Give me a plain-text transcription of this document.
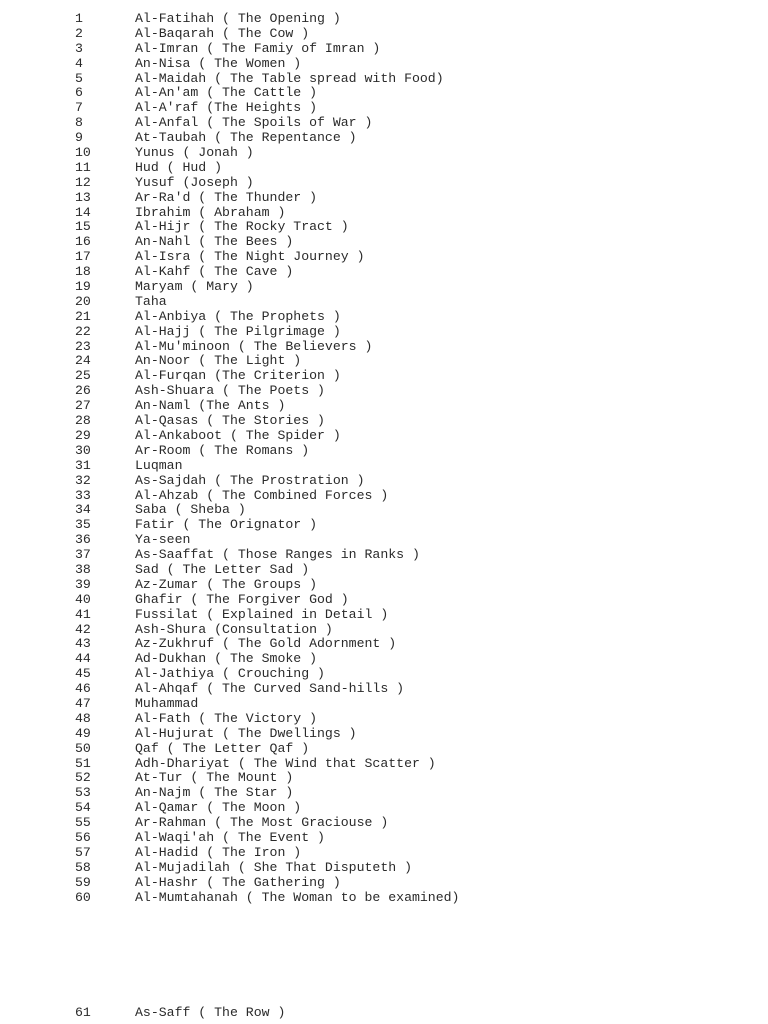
1	Al-Fatihah ( The Opening )
2	Al-Baqarah ( The Cow )
3	Al-Imran ( The Famiy of Imran )
4	An-Nisa ( The Women )
5	Al-Maidah ( The Table spread with Food)
6	Al-An'am ( The Cattle )
7	Al-A'raf (The Heights )
8	Al-Anfal ( The Spoils of War )
9	At-Taubah ( The Repentance )
10	Yunus ( Jonah )
11	Hud ( Hud )
12	Yusuf (Joseph )
13	Ar-Ra'd ( The Thunder )
14	Ibrahim ( Abraham )
15	Al-Hijr ( The Rocky Tract )
16	An-Nahl ( The Bees )
17	Al-Isra ( The Night Journey )
18	Al-Kahf ( The Cave )
19	Maryam ( Mary )
20	Taha
21	Al-Anbiya ( The Prophets )
22	Al-Hajj ( The Pilgrimage )
23	Al-Mu'minoon ( The Believers )
24	An-Noor ( The Light )
25	Al-Furqan (The Criterion )
26	Ash-Shuara ( The Poets )
27	An-Naml (The Ants )
28	Al-Qasas ( The Stories )
29	Al-Ankaboot ( The Spider )
30	Ar-Room ( The Romans )
31	Luqman
32	As-Sajdah ( The Prostration )
33	Al-Ahzab ( The Combined Forces )
34	Saba ( Sheba )
35	Fatir ( The Orignator )
36	Ya-seen
37	As-Saaffat ( Those Ranges in Ranks )
38	Sad ( The Letter Sad )
39	Az-Zumar ( The Groups )
40	Ghafir ( The Forgiver God )
41	Fussilat ( Explained in Detail )
42	Ash-Shura (Consultation )
43	Az-Zukhruf ( The Gold Adornment )
44	Ad-Dukhan ( The Smoke )
45	Al-Jathiya ( Crouching )
46	Al-Ahqaf ( The Curved Sand-hills )
47	Muhammad
48	Al-Fath ( The Victory )
49	Al-Hujurat ( The Dwellings )
50	Qaf ( The Letter Qaf )
51	Adh-Dhariyat ( The Wind that Scatter )
52	At-Tur ( The Mount )
53	An-Najm ( The Star )
54	Al-Qamar ( The Moon )
55	Ar-Rahman ( The Most Graciouse )
56	Al-Waqi'ah ( The Event )
57	Al-Hadid ( The Iron )
58	Al-Mujadilah ( She That Disputeth )
59	Al-Hashr ( The Gathering )
60	Al-Mumtahanah ( The Woman to be examined)
61	As-Saff ( The Row )
